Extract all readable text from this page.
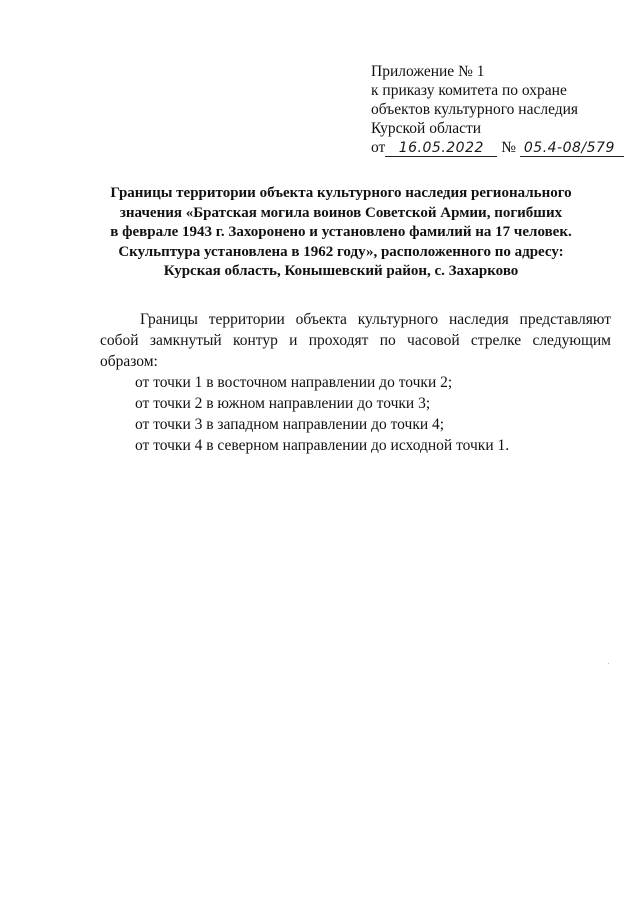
Приложение № 1
к приказу комитета по охране
объектов культурного наследия
Курской области
от 16.05.2022 № 05.4-08/579
Границы территории объекта культурного наследия регионального
значения «Братская могила воинов Советской Армии, погибших
в феврале 1943 г. Захоронено и установлено фамилий на 17 человек.
Скульптура установлена в 1962 году», расположенного по адресу:
Курская область, Конышевский район, с. Захарково

Границы территории объекта культурного наследия представляют собой замкнутый контур и проходят по часовой стрелке следующим образом:

от точки 1 в восточном направлении до точки 2;

от точки 2 в южном направлении до точки 3;

от точки 3 в западном направлении до точки 4;

от точки 4 в северном направлении до исходной точки 1.
